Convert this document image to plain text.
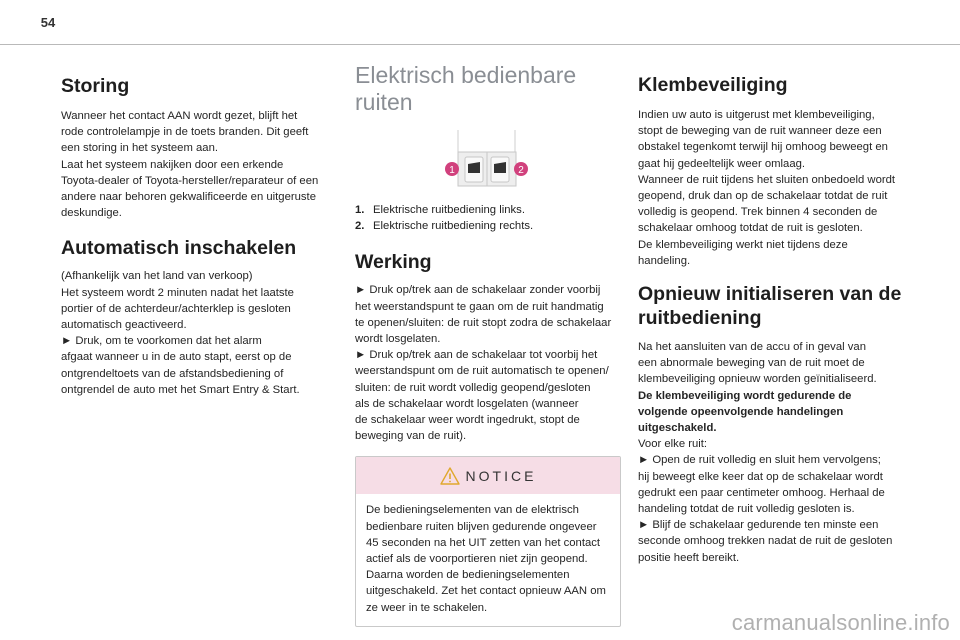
54
Storing

Wanneer het contact AAN wordt gezet, blijft het
rode controlelampje in de toets branden. Dit geeft
een storing in het systeem aan.
Laat het systeem nakijken door een erkende
Toyota-dealer of Toyota-hersteller/reparateur of een
andere naar behoren gekwalificeerde en uitgeruste
deskundige.

Automatisch inschakelen

(Afhankelijk van het land van verkoop)
Het systeem wordt 2 minuten nadat het laatste
portier of de achterdeur/achterklep is gesloten
automatisch geactiveerd.
► Druk, om te voorkomen dat het alarm
afgaat wanneer u in de auto stapt, eerst op de
ontgrendeltoets van de afstandsbediening of
ontgrendel de auto met het Smart Entry & Start.

Elektrisch bedienbare
ruiten
1	2
1. Elektrische ruitbediening links.
2. Elektrische ruitbediening rechts.
Werking

► Druk op/trek aan de schakelaar zonder voorbij
het weerstandspunt te gaan om de ruit handmatig
te openen/sluiten: de ruit stopt zodra de schakelaar
wordt losgelaten.
► Druk op/trek aan de schakelaar tot voorbij het
weerstandspunt om de ruit automatisch te openen/
sluiten: de ruit wordt volledig geopend/gesloten
als de schakelaar wordt losgelaten (wanneer
de schakelaar weer wordt ingedrukt, stopt de
beweging van de ruit).

NOTICE

De bedieningselementen van de elektrisch
bedienbare ruiten blijven gedurende ongeveer
45 seconden na het UIT zetten van het contact
actief als de voorportieren niet zijn geopend.
Daarna worden de bedieningselementen
uitgeschakeld. Zet het contact opnieuw AAN om
ze weer in te schakelen.

Klembeveiliging

Indien uw auto is uitgerust met klembeveiliging,
stopt de beweging van de ruit wanneer deze een
obstakel tegenkomt terwijl hij omhoog beweegt en
gaat hij gedeeltelijk weer omlaag.
Wanneer de ruit tijdens het sluiten onbedoeld wordt
geopend, druk dan op de schakelaar totdat de ruit
volledig is geopend. Trek binnen 4 seconden de
schakelaar omhoog totdat de ruit is gesloten.
De klembeveiliging werkt niet tijdens deze
handeling.

Opnieuw initialiseren van de
ruitbediening

Na het aansluiten van de accu of in geval van
een abnormale beweging van de ruit moet de
klembeveiliging opnieuw worden geïnitialiseerd.
De klembeveiliging wordt gedurende de
volgende opeenvolgende handelingen
uitgeschakeld.
Voor elke ruit:
► Open de ruit volledig en sluit hem vervolgens;
hij beweegt elke keer dat op de schakelaar wordt
gedrukt een paar centimeter omhoog. Herhaal de
handeling totdat de ruit volledig gesloten is.
► Blijf de schakelaar gedurende ten minste een
seconde omhoog trekken nadat de ruit de gesloten
positie heeft bereikt.

carmanualsonline.info
